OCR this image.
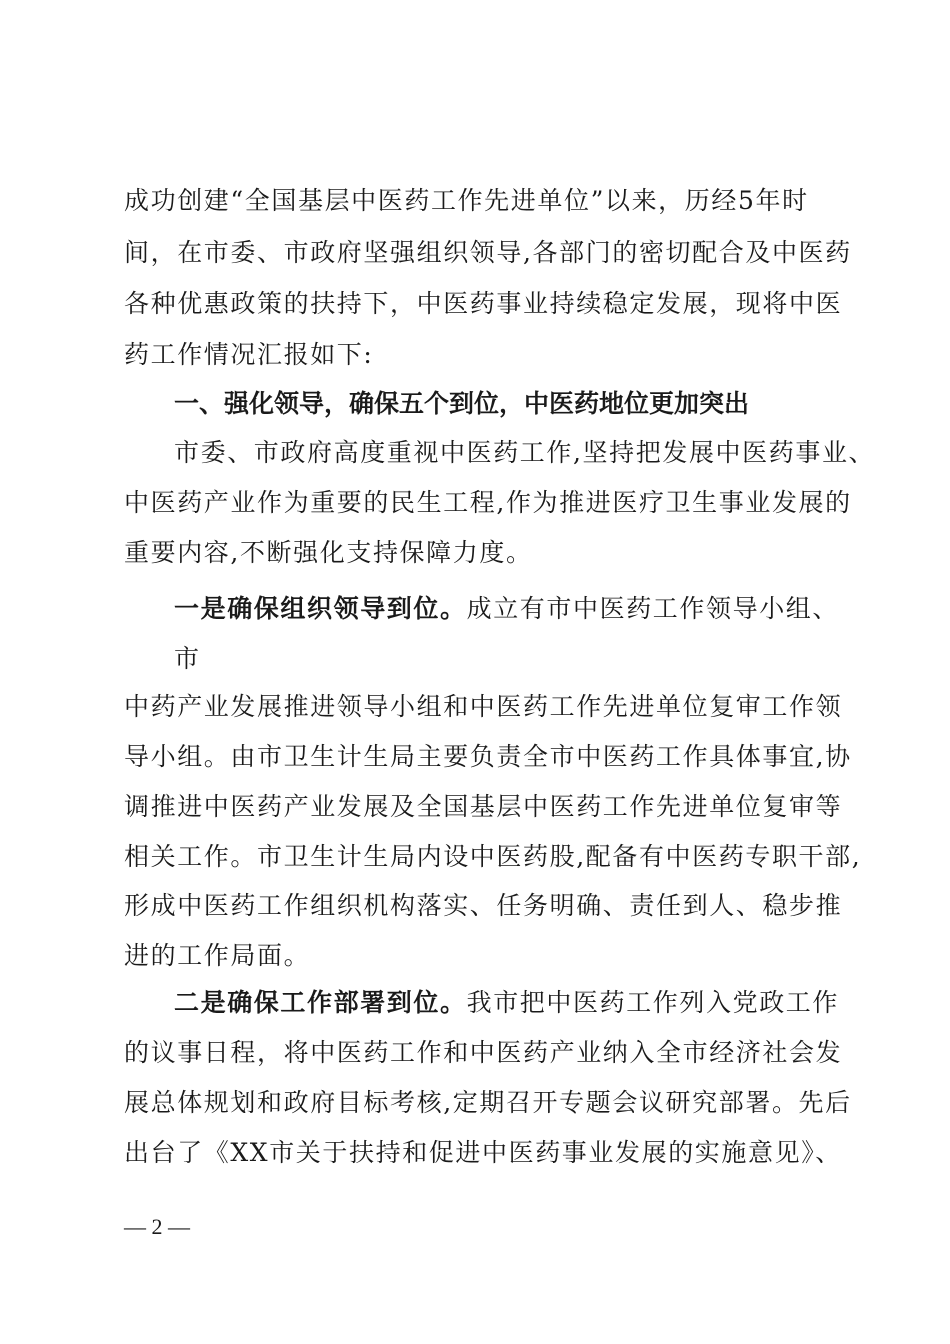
成功创建“全国基层中医药工作先进单位”以来，历经5年时
间，在市委、市政府坚强组织领导,各部门的密切配合及中医药
各种优惠政策的扶持下，中医药事业持续稳定发展，现将中医
药工作情况汇报如下:
一、强化领导，确保五个到位，中医药地位更加突出
市委、市政府高度重视中医药工作,坚持把发展中医药事业、
中医药产业作为重要的民生工程,作为推进医疗卫生事业发展的
重要内容,不断强化支持保障力度。
一是确保组织领导到位。成立有市中医药工作领导小组、
市
中药产业发展推进领导小组和中医药工作先进单位复审工作领
导小组。由市卫生计生局主要负责全市中医药工作具体事宜,协
调推进中医药产业发展及全国基层中医药工作先进单位复审等
相关工作。市卫生计生局内设中医药股,配备有中医药专职干部,
形成中医药工作组织机构落实、任务明确、责任到人、稳步推
进的工作局面。
二是确保工作部署到位。我市把中医药工作列入党政工作
的议事日程，将中医药工作和中医药产业纳入全市经济社会发
展总体规划和政府目标考核,定期召开专题会议研究部署。先后
出台了《XX市关于扶持和促进中医药事业发展的实施意见》、
— 2 —
